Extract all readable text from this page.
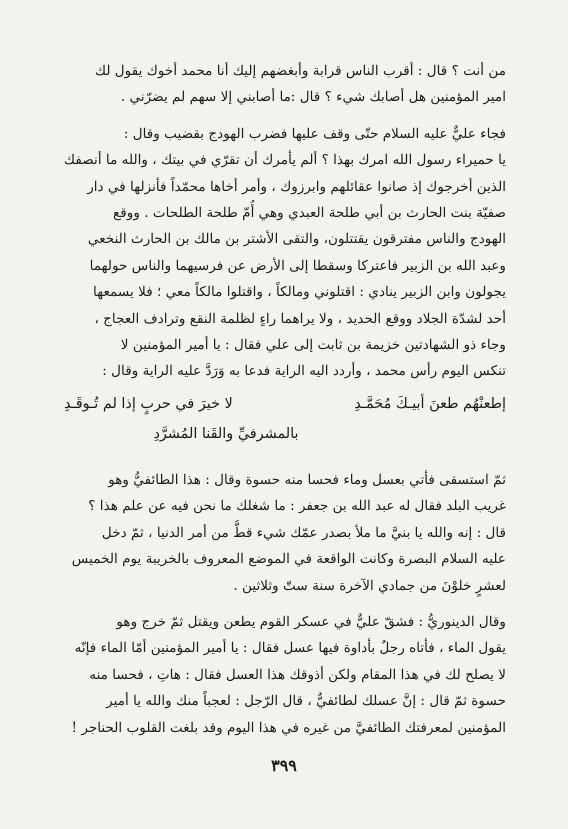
من أنت ؟ قال : أقرب الناس قرابة وأبغضهم إليك أنا محمد أخوك يقول لك
امير المؤمنين هل أصابك شيء ؟ قال :ما أصابني إلا سهم لم يضرّني .

فجاء عليٌّ عليه السلام حتّى وقف عليها فضرب الهودج بقضيب وقال :
يا حميراء رسول الله امرك بهذا ؟ ألم يأمرك أن تقرّي في بيتك ، والله ما أنصفك
الذين أخرجوك إذ صانوا عقائلهم وابرزوك ، وأمر أخاها محمّداً فأنزلها في دار
صفيّة بنت الحارث بن أبي طلحة العبدي وهي أُمّ طلحة الطلحات . ووقع
الهودج والناس مفترقون يقتتلون، والتقى الأشتر بن مالك بن الحارث النخعي
وعبد الله بن الزبير فاعتركا وسقطا إلى الأرض عن فرسيهما والناس حولهما
يجولون وابن الزبير ينادي : اقتلوني ومالكاً ، واقتلوا مالكاً معي ؛ فلا يسمعها
أحد لشدّة الجلاد ووقع الحديد ، ولا يراهما راءٍ لظلمة النقع وترادف العجاج ،
وجاء ذو الشهادتين خزيمة بن ثابت إلى علي فقال : يا أمير المؤمنين لا
تنكس اليوم رأس محمد ، وأردد اليه الراية فدعا به وَرَدَّ عليه الراية وقال :

إطعنْهُم طعنَ أبيـكَ مُحَمَّـدِ
لا خيرَ في حربٍ إذا لم تُـوقَـدِ
بالمشرفيِّ والقَنا المُشرَّدِ

ثمّ استسقى فأتي بعسل وماء فحسا منه حسوة وقال : هذا الطائفيُّ وهو
غريب البلد فقال له عبد الله بن جعفر : ما شغلك ما نحن فيه عن علم هذا ؟
قال : إنه والله يا بنيَّ ما ملأ بصدر عمّك شيء قطُّ من أمر الدنيا ، ثمّ دخل
عليه السلام البصرة وكانت الواقعة في الموضع المعروف بالخريبة يوم الخميس
لعشرٍ خلوْنَ من جمادي الآخرة سنة ستّ وثلاثين .

وقال الدينوريُّ : فشقّ عليٌّ في عسكر القوم يطعن ويقتل ثمّ خرج وهو
يقول الماء ، فأتاه رجلٌ بأداوة فيها عسل فقال : يا أمير المؤمنين أمّا الماء فإنّه
لا يصلح لك في هذا المقام ولكن أذوقك هذا العسل فقال : هاتِ ، فحسا منه
حسوة ثمّ قال : إنَّ عسلك لطائفيٌّ ، قال الرّجل : لعجباً منك والله يا أمير
المؤمنين لمعرفتك الطائفيَّ من غيره في هذا اليوم وقد بلغت القلوب الحناجر !

٣٩٩
